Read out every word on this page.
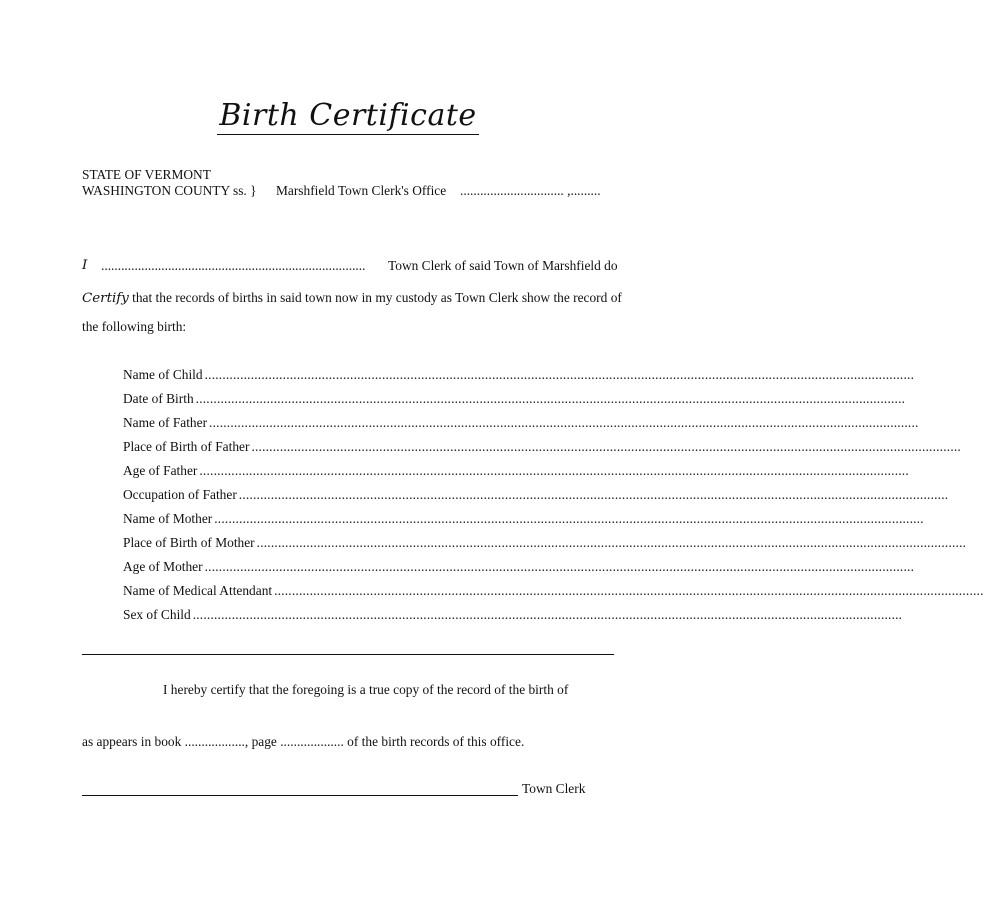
Birth Certificate
STATE OF VERMONT
WASHINGTON COUNTY ss. } Marshfield Town Clerk's Office ............................... ,.........
I ...............................................................................	Town Clerk of said Town of Marshfield do
Certify that the records of births in said town now in my custody as Town Clerk show the record of
the following birth:
Name of Child ........................................................................................................................................................................................................
Date of Birth ........................................................................................................................................................................................................
Name of Father ........................................................................................................................................................................................................
Place of Birth of Father ........................................................................................................................................................................................................
Age of Father ........................................................................................................................................................................................................
Occupation of Father ........................................................................................................................................................................................................
Name of Mother ........................................................................................................................................................................................................
Place of Birth of Mother ........................................................................................................................................................................................................
Age of Mother ........................................................................................................................................................................................................
Name of Medical Attendant ........................................................................................................................................................................................................
Sex of Child ........................................................................................................................................................................................................
I hereby certify that the foregoing is a true copy of the record of the birth of
as appears in book .................., page ................... of the birth records of this office.
Town Clerk
